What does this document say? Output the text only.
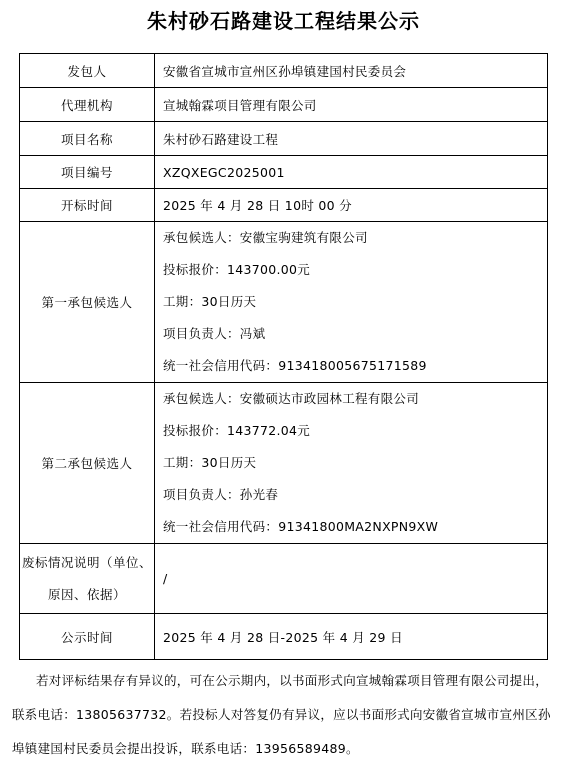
朱村砂石路建设工程结果公示
发包人	安徽省宣城市宣州区孙埠镇建国村民委员会
代理机构	宣城翰霖项目管理有限公司
项目名称	朱村砂石路建设工程
项目编号	XZQXEGC2025001
开标时间	2025 年 4 月 28 日 10时 00 分
第一承包候选人	承包候选人：安徽宝驹建筑有限公司
投标报价：143700.00元
工期：30日历天
项目负责人：冯斌
统一社会信用代码：913418005675171589

第二承包候选人	承包候选人：安徽硕达市政园林工程有限公司
投标报价：143772.04元
工期：30日历天
项目负责人：孙光春
统一社会信用代码：91341800MA2NXPN9XW

废标情况说明（单位、
原因、依据）	/
公示时间	2025 年 4 月 28 日-2025 年 4 月 29 日

若对评标结果存有异议的，可在公示期内，以书面形式向宣城翰霖项目管理有限公司提出，联系电话：13805637732。若投标人对答复仍有异议，应以书面形式向安徽省宣城市宣州区孙埠镇建国村民委员会提出投诉，联系电话：13956589489。
